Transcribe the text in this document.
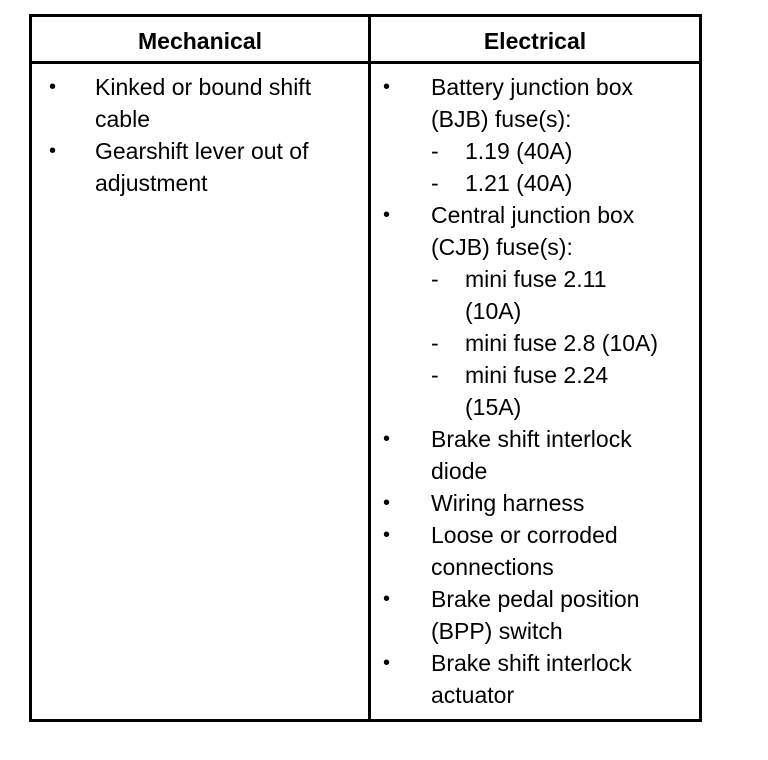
Mechanical	Electrical
• Kinked or bound shift
cable
• Gearshift lever out of
adjustment
• Battery junction box
(BJB) fuse(s):
- 1.19 (40A)
- 1.21 (40A)
• Central junction box
(CJB) fuse(s):
- mini fuse 2.11
(10A)
- mini fuse 2.8 (10A)
- mini fuse 2.24
(15A)
• Brake shift interlock
diode
• Wiring harness
• Loose or corroded
connections
• Brake pedal position
(BPP) switch
• Brake shift interlock
actuator
